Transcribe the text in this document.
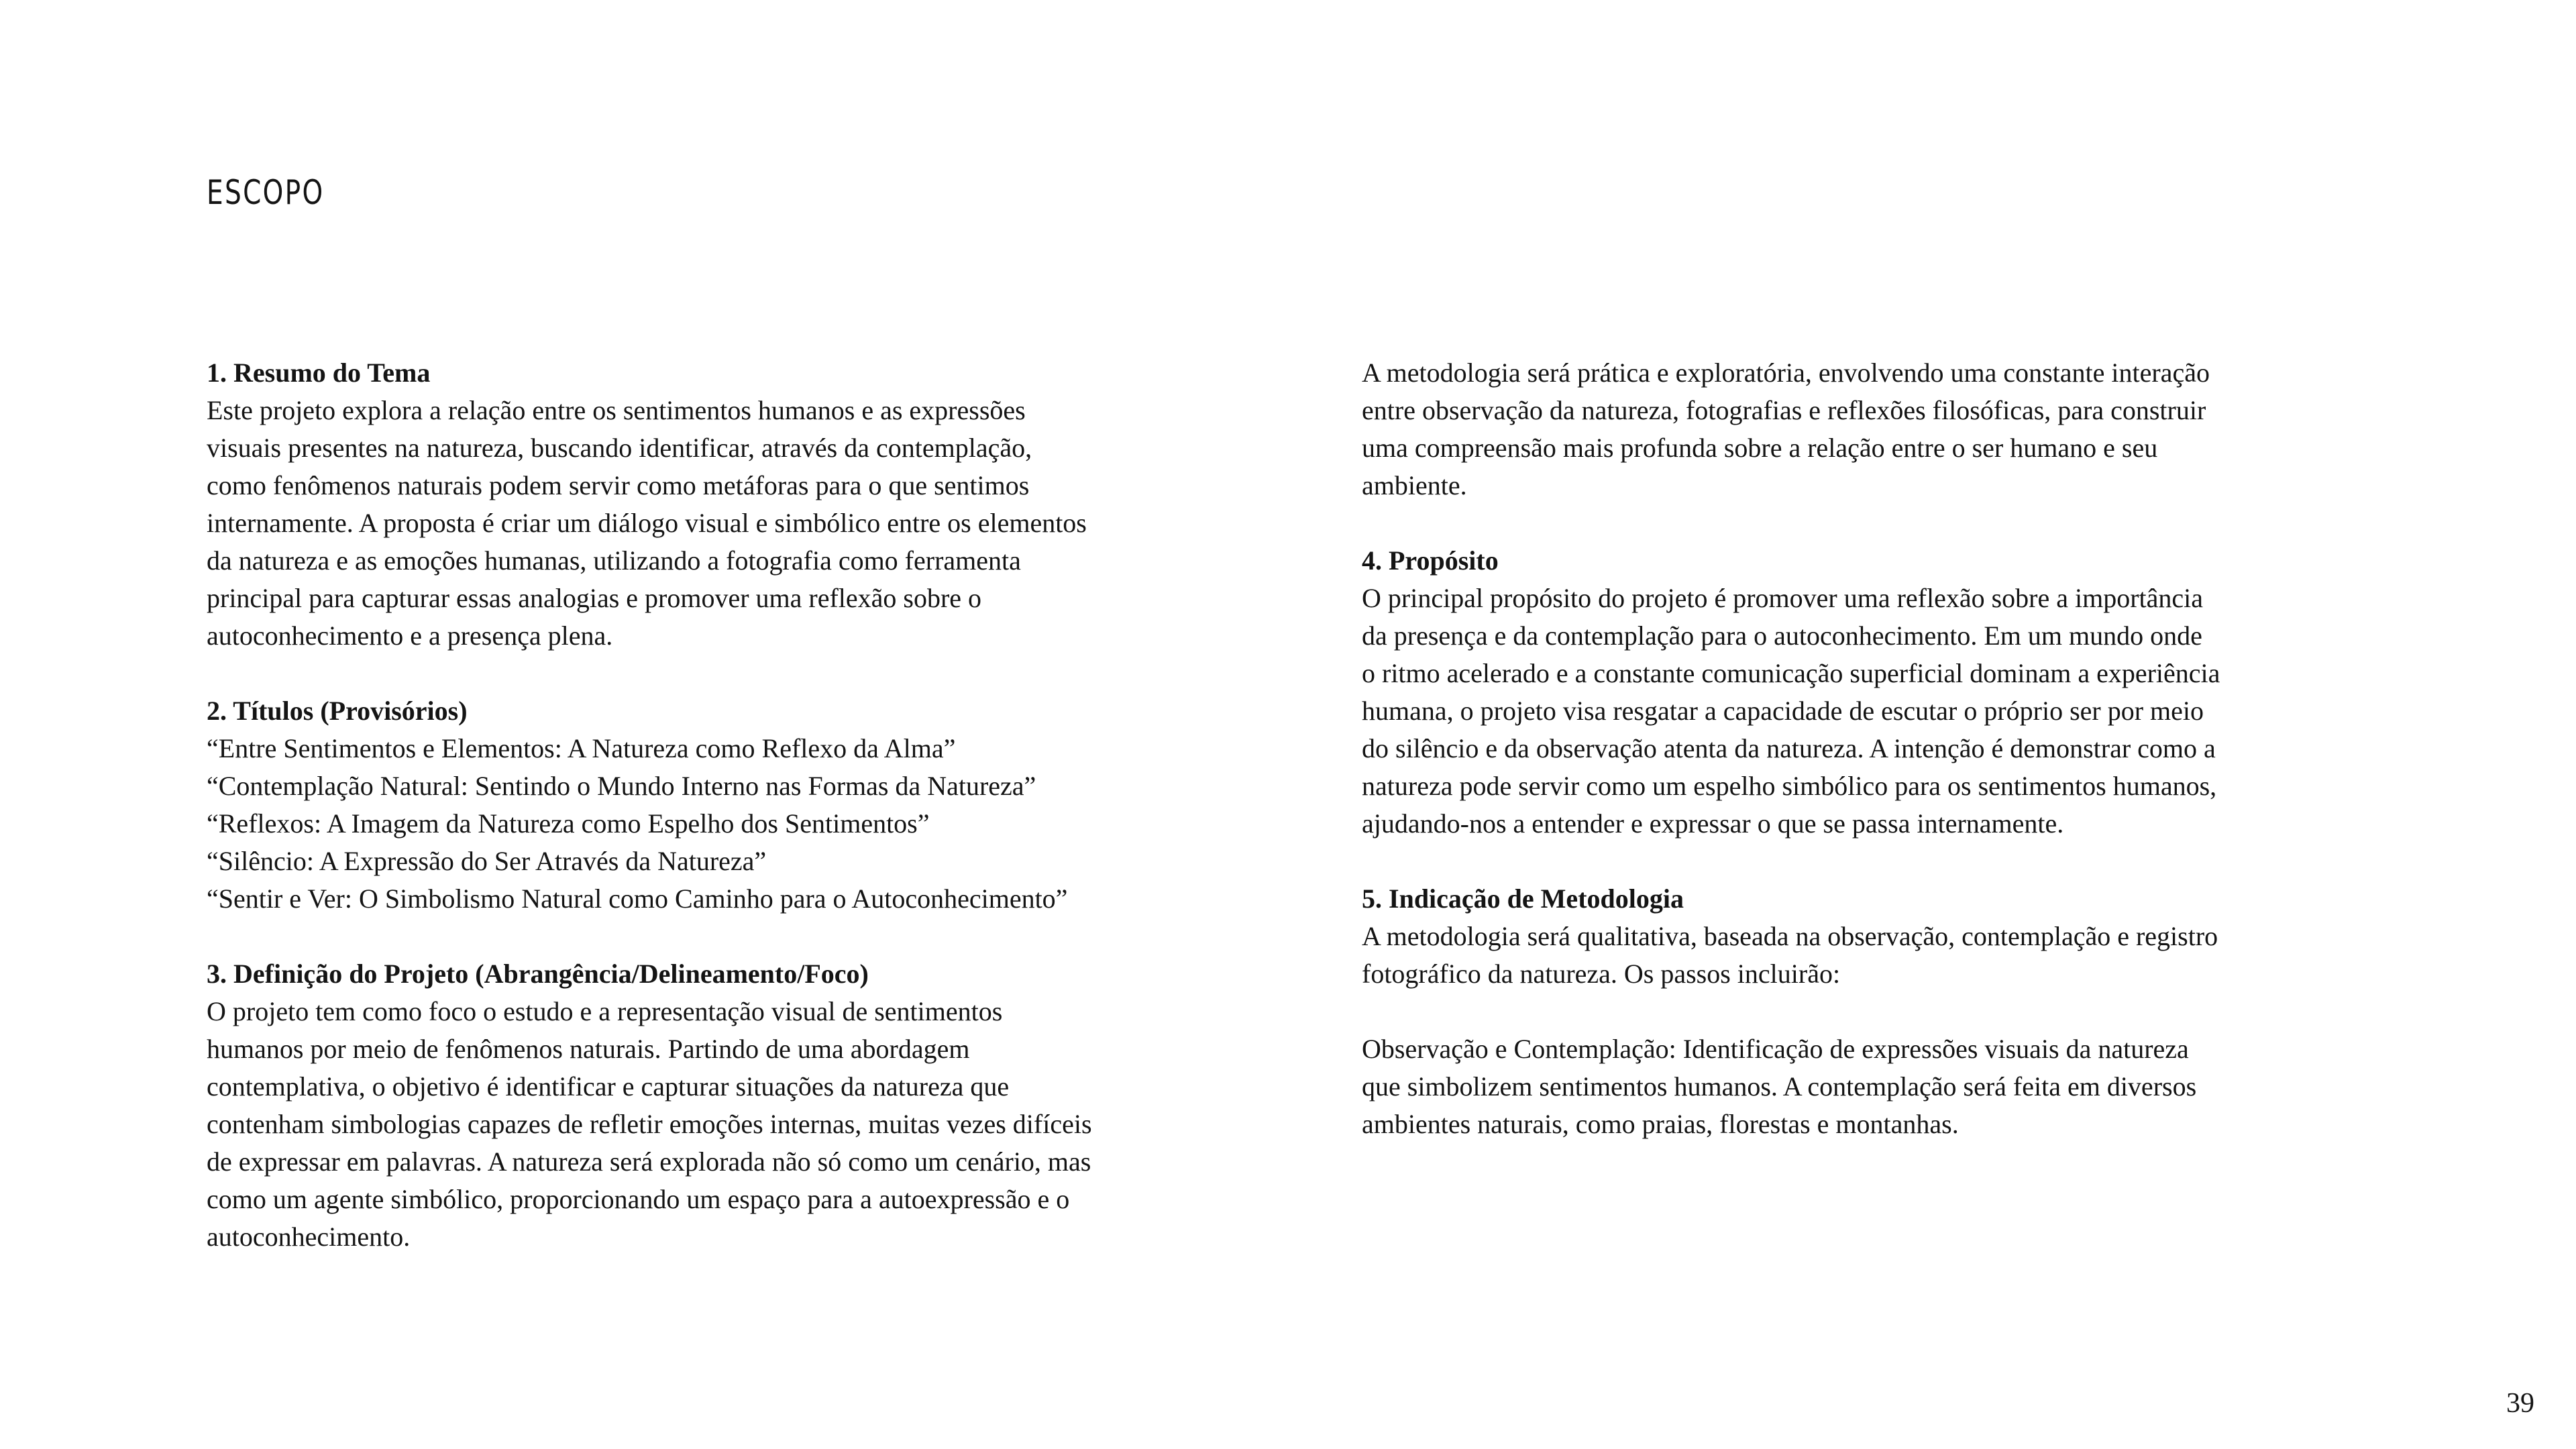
ESCOPO
1. Resumo do Tema

Este projeto explora a relação entre os sentimentos humanos e as expressões
visuais presentes na natureza, buscando identificar, através da contemplação,
como fenômenos naturais podem servir como metáforas para o que sentimos
internamente. A proposta é criar um diálogo visual e simbólico entre os elementos
da natureza e as emoções humanas, utilizando a fotografia como ferramenta
principal para capturar essas analogias e promover uma reflexão sobre o
autoconhecimento e a presença plena.

2. Títulos (Provisórios)
“Entre Sentimentos e Elementos: A Natureza como Reflexo da Alma”
“Contemplação Natural: Sentindo o Mundo Interno nas Formas da Natureza”
“Reflexos: A Imagem da Natureza como Espelho dos Sentimentos”
“Silêncio: A Expressão do Ser Através da Natureza”
“Sentir e Ver: O Simbolismo Natural como Caminho para o Autoconhecimento”
3. Definição do Projeto (Abrangência/Delineamento/Foco)

O projeto tem como foco o estudo e a representação visual de sentimentos
humanos por meio de fenômenos naturais. Partindo de uma abordagem
contemplativa, o objetivo é identificar e capturar situações da natureza que
contenham simbologias capazes de refletir emoções internas, muitas vezes difíceis
de expressar em palavras. A natureza será explorada não só como um cenário, mas
como um agente simbólico, proporcionando um espaço para a autoexpressão e o
autoconhecimento.

A metodologia será prática e exploratória, envolvendo uma constante interação
entre observação da natureza, fotografias e reflexões filosóficas, para construir
uma compreensão mais profunda sobre a relação entre o ser humano e seu
ambiente.

4. Propósito

O principal propósito do projeto é promover uma reflexão sobre a importância
da presença e da contemplação para o autoconhecimento. Em um mundo onde
o ritmo acelerado e a constante comunicação superficial dominam a experiência
humana, o projeto visa resgatar a capacidade de escutar o próprio ser por meio
do silêncio e da observação atenta da natureza. A intenção é demonstrar como a
natureza pode servir como um espelho simbólico para os sentimentos humanos,
ajudando-nos a entender e expressar o que se passa internamente.

5. Indicação de Metodologia

A metodologia será qualitativa, baseada na observação, contemplação e registro
fotográfico da natureza. Os passos incluirão:

Observação e Contemplação: Identificação de expressões visuais da natureza
que simbolizem sentimentos humanos. A contemplação será feita em diversos
ambientes naturais, como praias, florestas e montanhas.

39
